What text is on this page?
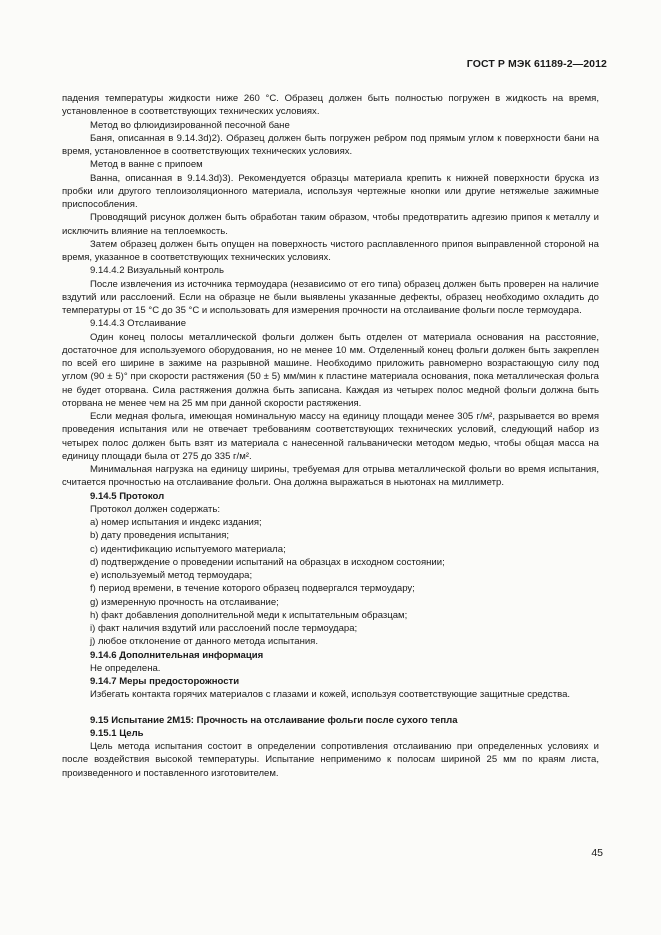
ГОСТ Р МЭК 61189-2—2012

падения температуры жидкости ниже 260 °С. Образец должен быть полностью погружен в жидкость на время, установленное в соответствующих технических условиях.

Метод во флюидизированной песочной бане

Баня, описанная в 9.14.3d)2). Образец должен быть погружен ребром под прямым углом к поверхности бани на время, установленное в соответствующих технических условиях.

Метод в ванне с припоем

Ванна, описанная в 9.14.3d)3). Рекомендуется образцы материала крепить к нижней поверхности бруска из пробки или другого теплоизоляционного материала, используя чертежные кнопки или другие нетяжелые зажимные приспособления.

Проводящий рисунок должен быть обработан таким образом, чтобы предотвратить адгезию припоя к металлу и исключить влияние на теплоемкость.

Затем образец должен быть опущен на поверхность чистого расплавленного припоя выправленной стороной на время, указанное в соответствующих технических условиях.

9.14.4.2 Визуальный контроль

После извлечения из источника термоудара (независимо от его типа) образец должен быть проверен на наличие вздутий или расслоений. Если на образце не были выявлены указанные дефекты, образец необходимо охладить до температуры от 15 °С до 35 °С и использовать для измерения прочности на отслаивание фольги после термоудара.

9.14.4.3 Отслаивание

Один конец полосы металлической фольги должен быть отделен от материала основания на расстояние, достаточное для используемого оборудования, но не менее 10 мм. Отделенный конец фольги должен быть закреплен по всей его ширине в зажиме на разрывной машине. Необходимо приложить равномерно возрастающую силу под углом (90 ± 5)° при скорости растяжения (50 ± 5) мм/мин к пластине материала основания, пока металлическая фольга не будет оторвана. Сила растяжения должна быть записана. Каждая из четырех полос медной фольги должна быть оторвана не менее чем на 25 мм при данной скорости растяжения.

Если медная фольга, имеющая номинальную массу на единицу площади менее 305 г/м², разрывается во время проведения испытания или не отвечает требованиям соответствующих технических условий, следующий набор из четырех полос должен быть взят из материала с нанесенной гальванически методом медью, чтобы общая масса на единицу площади была от 275 до 335 г/м².

Минимальная нагрузка на единицу ширины, требуемая для отрыва металлической фольги во время испытания, считается прочностью на отслаивание фольги. Она должна выражаться в ньютонах на миллиметр.

9.14.5 Протокол

Протокол должен содержать:

a) номер испытания и индекс издания;

b) дату проведения испытания;

c) идентификацию испытуемого материала;

d) подтверждение о проведении испытаний на образцах в исходном состоянии;

e) используемый метод термоудара;

f) период времени, в течение которого образец подвергался термоудару;

g) измеренную прочность на отслаивание;

h) факт добавления дополнительной меди к испытательным образцам;

i) факт наличия вздутий или расслоений после термоудара;

j) любое отклонение от данного метода испытания.

9.14.6 Дополнительная информация

Не определена.

9.14.7 Меры предосторожности

Избегать контакта горячих материалов с глазами и кожей, используя соответствующие защитные средства.

9.15 Испытание 2М15: Прочность на отслаивание фольги после сухого тепла

9.15.1 Цель

Цель метода испытания состоит в определении сопротивления отслаиванию при определенных условиях и после воздействия высокой температуры. Испытание неприменимо к полосам шириной 25 мм по краям листа, произведенного и поставленного изготовителем.

45
